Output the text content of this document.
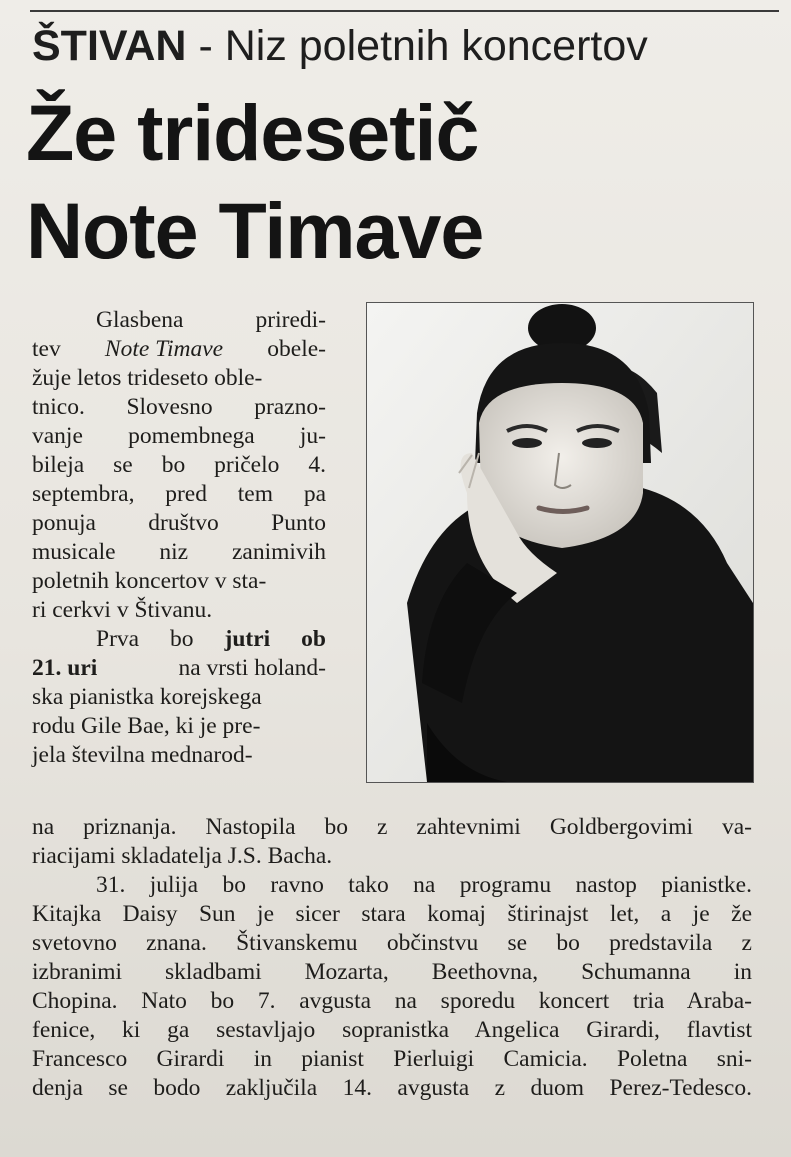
ŠTIVAN - Niz poletnih koncertov
Že tridesetič
Note Timave
Glasbena	priredi-
tev Note Timave obele-
žuje letos trideseto oble-
tnico. Slovesno prazno-
vanje pomembnega ju-
bileja se bo pričelo 4.
septembra, pred tem pa
ponuja društvo Punto
musicale niz zanimivih
poletnih koncertov v sta-
ri cerkvi v Štivanu.
Prva bo jutri ob
21. uri	na vrsti holand-
ska pianistka korejskega
rodu Gile Bae, ki je pre-
jela številna mednarod-
na priznanja. Nastopila bo z zahtevnimi Goldbergovimi va-
riacijami skladatelja J.S. Bacha.
31. julija bo ravno tako na programu nastop pianistke.
Kitajka Daisy Sun je sicer stara komaj štirinajst let, a je že
svetovno znana. Štivanskemu občinstvu se bo predstavila z
izbranimi skladbami Mozarta, Beethovna, Schumanna in
Chopina. Nato bo 7. avgusta na sporedu koncert tria Araba-
fenice, ki ga sestavljajo sopranistka Angelica Girardi, flavtist
Francesco Girardi in pianist Pierluigi Camicia. Poletna sni-
denja se bodo zaključila 14. avgusta z duom Perez-Tedesco.
